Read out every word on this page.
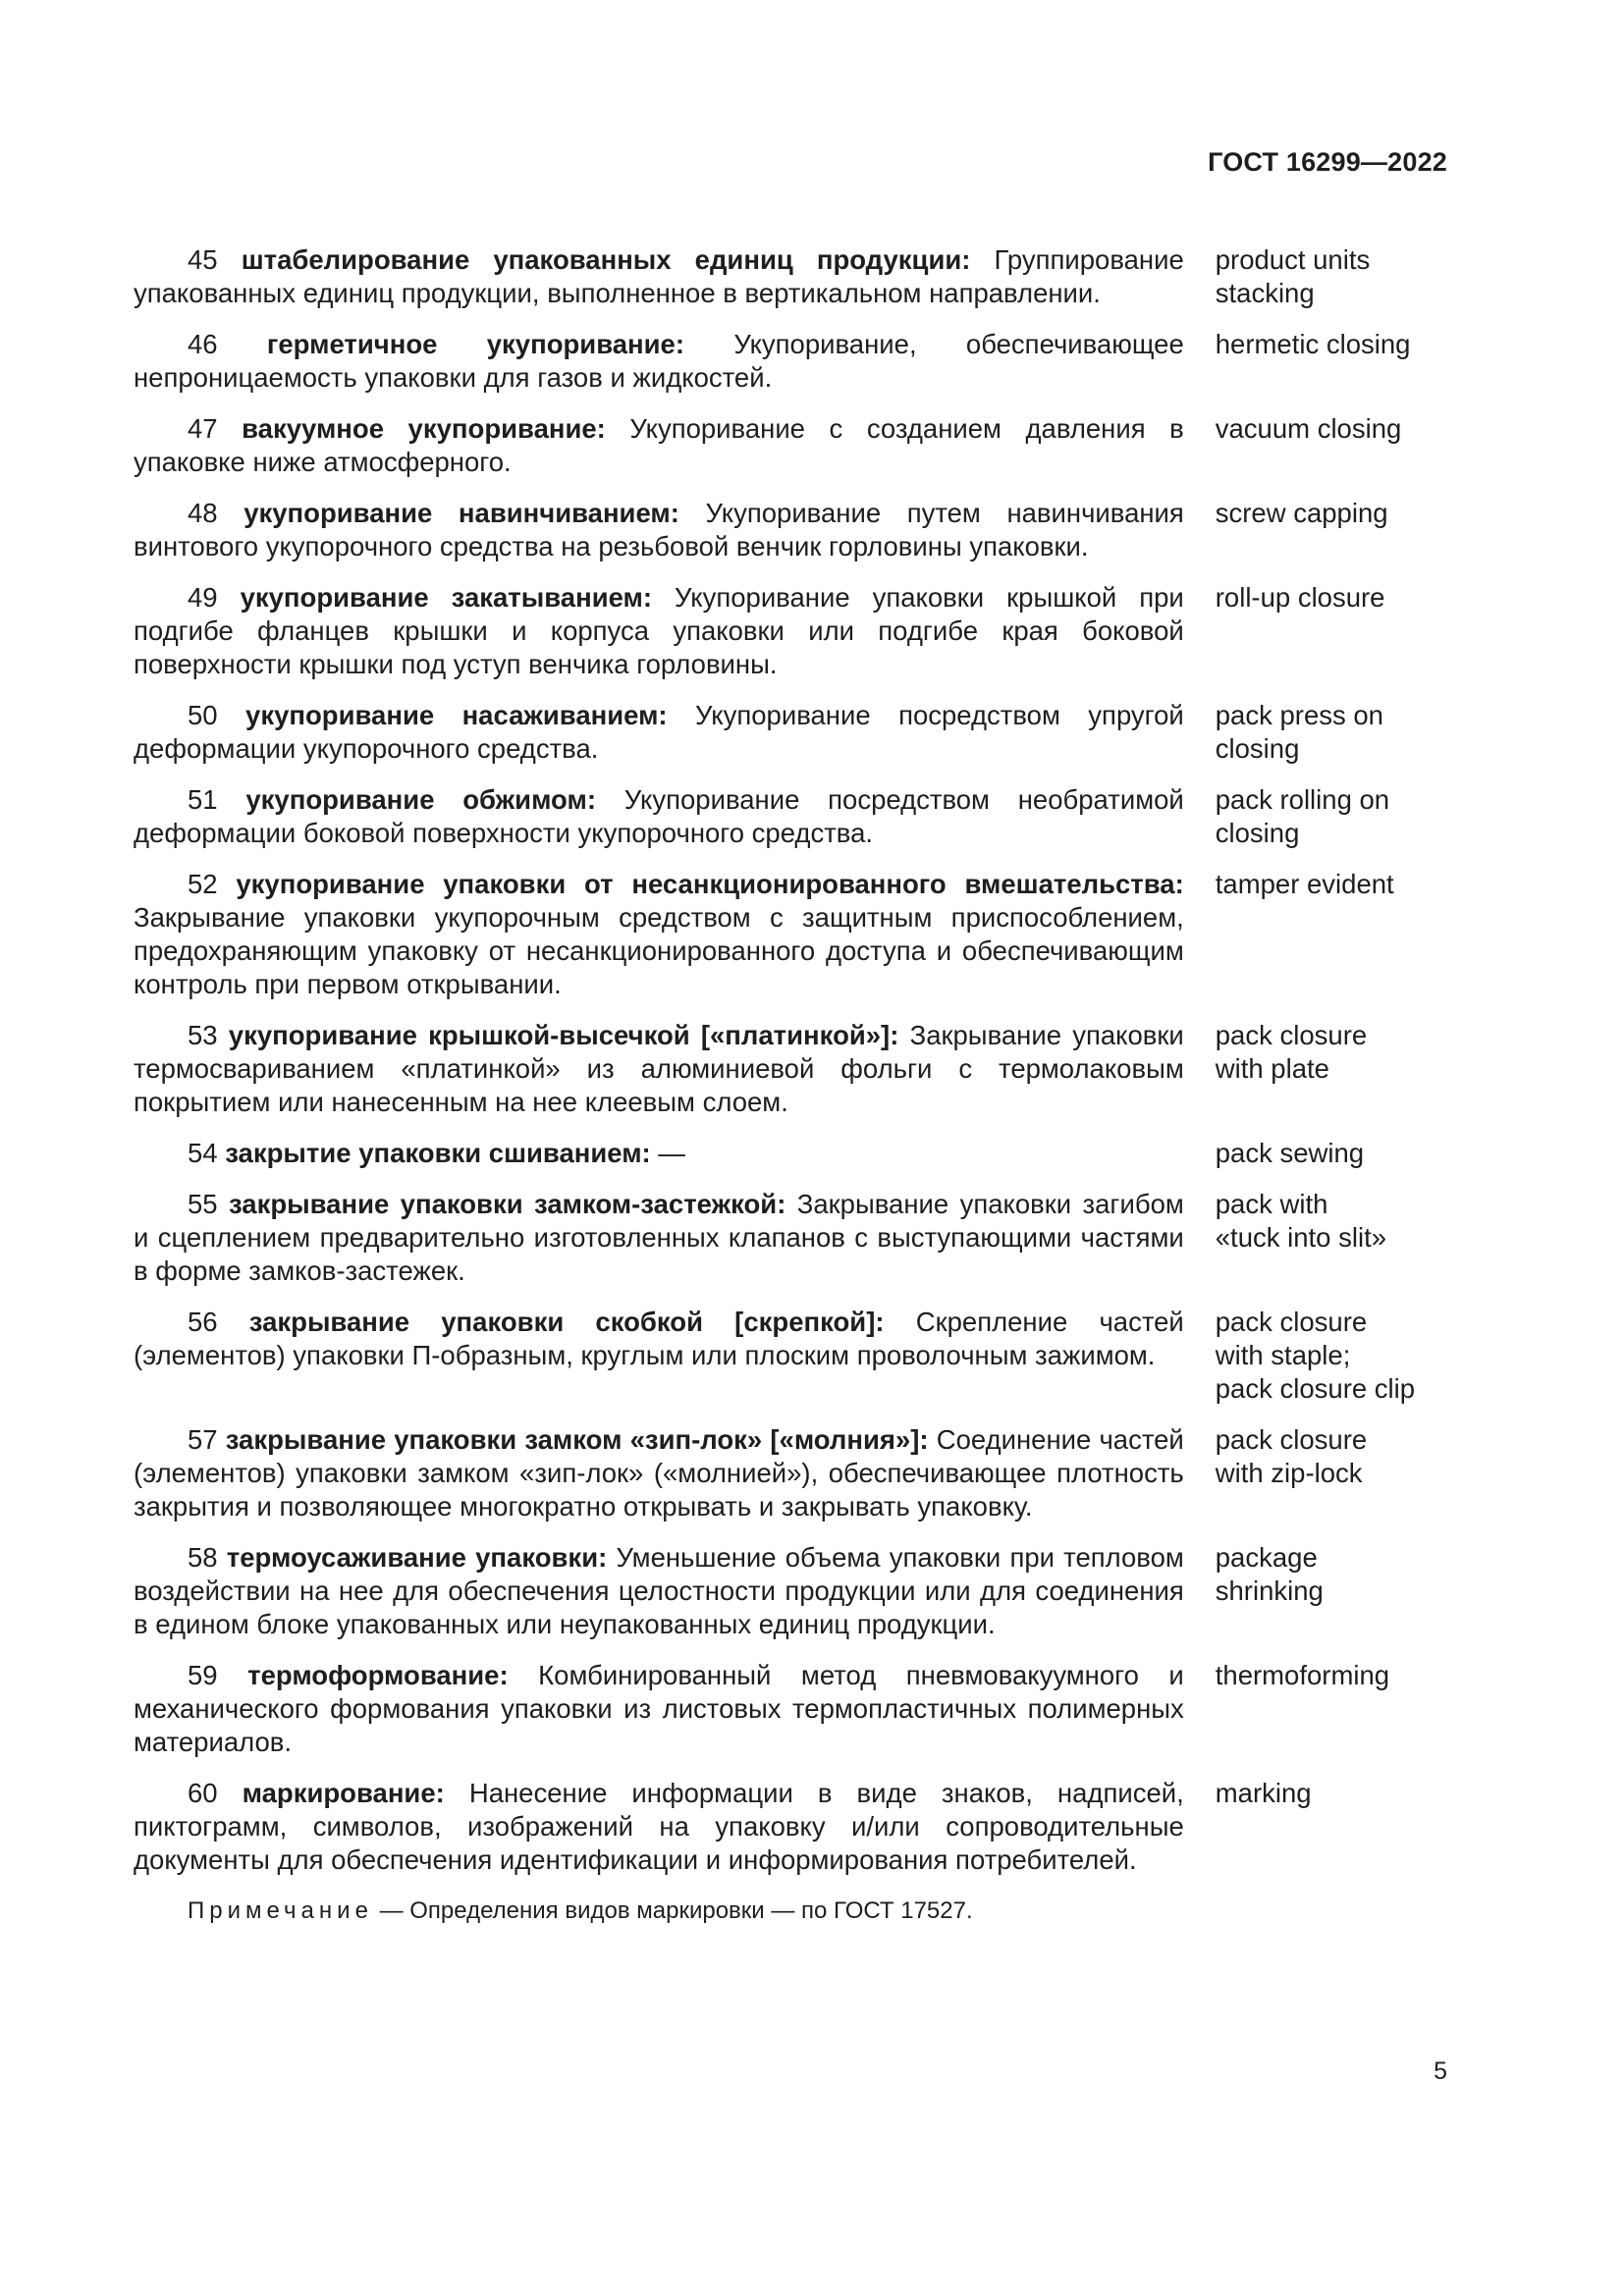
ГОСТ 16299—2022
45 штабелирование упакованных единиц продукции: Группирование упакованных единиц продукции, выполненное в вертикальном направлении.
product units
stacking
46 герметичное укупоривание: Укупоривание, обеспечивающее непроницаемость упаковки для газов и жидкостей.
hermetic closing
47 вакуумное укупоривание: Укупоривание с созданием давления в упаковке ниже атмосферного.
vacuum closing
48 укупоривание навинчиванием: Укупоривание путем навинчивания винтового укупорочного средства на резьбовой венчик горловины упаковки.
screw capping
49 укупоривание закатыванием: Укупоривание упаковки крышкой при подгибе фланцев крышки и корпуса упаковки или подгибе края боковой поверхности крышки под уступ венчика горловины.
roll-up closure
50 укупоривание насаживанием: Укупоривание посредством упругой деформации укупорочного средства.
pack press on
closing
51 укупоривание обжимом: Укупоривание посредством необратимой деформации боковой поверхности укупорочного средства.
pack rolling on
closing
52 укупоривание упаковки от несанкционированного вмешательства: Закрывание упаковки укупорочным средством с защитным приспособлением, предохраняющим упаковку от несанкционированного доступа и обеспечивающим контроль при первом открывании.
tamper evident
53 укупоривание крышкой-высечкой [«платинкой»]: Закрывание упаковки термосвариванием «платинкой» из алюминиевой фольги с термолаковым покрытием или нанесенным на нее клеевым слоем.
pack closure
with plate
54 закрытие упаковки сшиванием: —	pack sewing
55 закрывание упаковки замком-застежкой: Закрывание упаковки загибом и сцеплением предварительно изготовленных клапанов с выступающими частями в форме замков-застежек.
pack with
«tuck into slit»
56 закрывание упаковки скобкой [скрепкой]: Скрепление частей (элементов) упаковки П-образным, круглым или плоским проволочным зажимом.
pack closure
with staple;
pack closure clip
57 закрывание упаковки замком «зип-лок» [«молния»]: Соединение частей (элементов) упаковки замком «зип-лок» («молнией»), обеспечивающее плотность закрытия и позволяющее многократно открывать и закрывать упаковку.
pack closure
with zip-lock
58 термоусаживание упаковки: Уменьшение объема упаковки при тепловом воздействии на нее для обеспечения целостности продукции или для соединения в едином блоке упакованных или неупакованных единиц продукции.
package
shrinking
59 термоформование: Комбинированный метод пневмовакуумного и механического формования упаковки из листовых термопластичных полимерных материалов.
thermoforming
60 маркирование: Нанесение информации в виде знаков, надписей, пиктограмм, символов, изображений на упаковку и/или сопроводительные документы для обеспечения идентификации и информирования потребителей.
marking
Примечание — Определения видов маркировки — по ГОСТ 17527.
5
